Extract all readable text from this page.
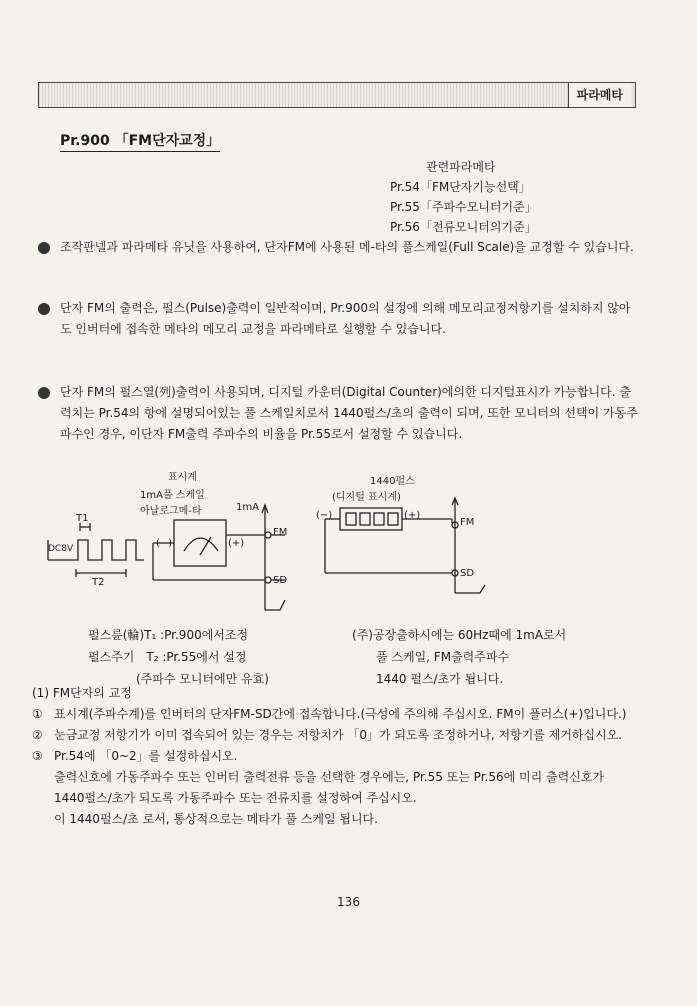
파라메타
Pr.900 「FM단자교정」
관련파라메타
Pr.54「FM단자기능선택」
Pr.55「주파수모니터기준」
Pr.56「전류모니터의기준」
조작판넬과 파라메타 유닛을 사용하여, 단자FM에 사용된 메-타의 풀스케일(Full Scale)을 교정할 수 있습니다.
단자 FM의 출력은, 펄스(Pulse)출력이 일반적이며, Pr.900의 설정에 의해 메모리교정저항기를 설치하지 않아도 인버터에 접속한 메타의 메모리 교정을 파라메타로 실행할 수 있습니다.
단자 FM의 펄스열(列)출력이 사용되며, 디지털 카운터(Digital Counter)에의한 디지털표시가 가능합니다. 출력치는 Pr.54의 항에 설명되어있는 풀 스케일치로서 1440펄스/초의 출력이 되며, 또한 모니터의 선택이 가동주파수인 경우, 이단자 FM출력 주파수의 비율을 Pr.55로서 설정할 수 있습니다.
표시계
1mA풀 스케일
아날로그메-타	1mA
T1
T2
DC8V	(−)	(+)
FM
SD
1440펄스
(디지털 표시계)
(−)	(+)
FM
SD
펄스륜(輪)T₁ :Pr.900에서조정
펄스주기　T₂ :Pr.55에서 설정
(주파수 모니터에만 유효)
(주)공장출하시에는 60Hz때에 1mA로서
풀 스케일, FM출력주파수
1440 펄스/초가 됩니다.
(1) FM단자의 교정
① 표시계(주파수계)를 인버터의 단자FM-SD간에 접속합니다.(극성에 주의해 주십시오. FM이 플러스(+)입니다.)
② 눈금교정 저항기가 이미 접속되어 있는 경우는 저항치가 「0」가 되도록 조정하거나, 저항기를 제거하십시오.
③ Pr.54에 「0~2」를 설정하십시오.
출력신호에 가동주파수 또는 인버터 출력전류 등을 선택한 경우에는, Pr.55 또는 Pr.56에 미리 출력신호가 1440펄스/초가 되도록 가동주파수 또는 전류치를 설정하여 주십시오.
이 1440펄스/초 로서, 통상적으로는 메타가 풀 스케일 됩니다.
136
